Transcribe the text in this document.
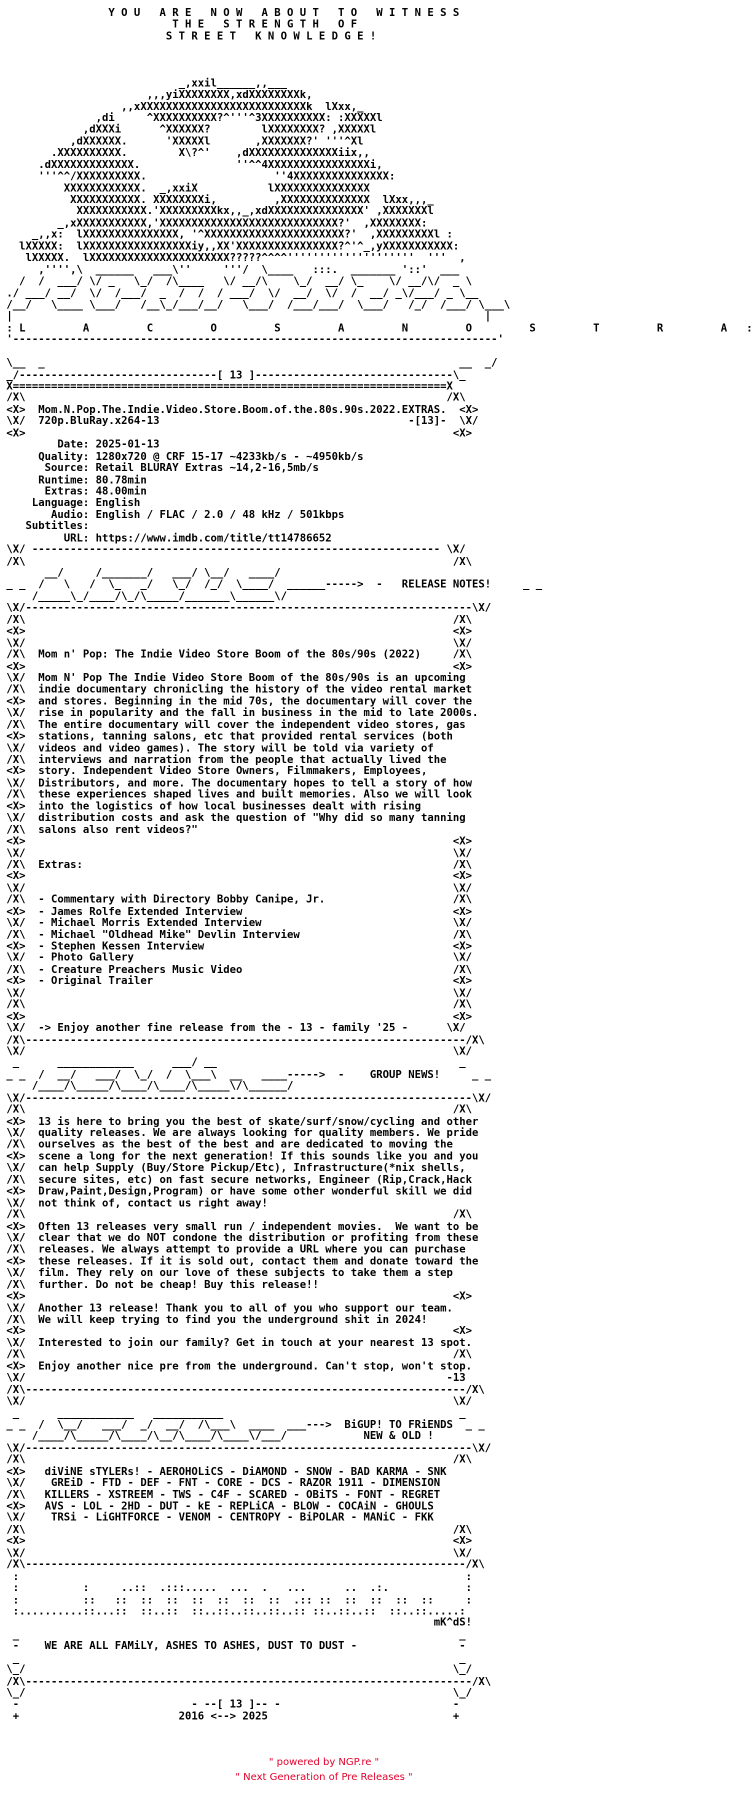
Y O U   A R E   N O W   A B O U T   T O   W I T N E S S
T H E   S T R E N G T H   O F
S T R E E T   K N O W L E D G E !

_,xxil______,,___
,,,yiXXXXXXXX,xdXXXXXXXXk,
,,xXXXXXXXXXXXXXXXXXXXXXXXXXXk  lXxx,_
,di     ^XXXXXXXXXX?^'''^3XXXXXXXXXX: :XXXXXl
,dXXXi      ^XXXXXX?        lXXXXXXXX? ,XXXXXl
,dXXXXXX.      'XXXXXl       ,XXXXXXX?' '''^Xl
.XXXXXXXXXX.        X\?^'    ,dXXXXXXXXXXXXXXiix,,
.dXXXXXXXXXXXXX.               ''^^4XXXXXXXXXXXXXXXXi,
'''^^/XXXXXXXXXX.                    ''4XXXXXXXXXXXXXXX:
XXXXXXXXXXXX.  _,xxiX           lXXXXXXXXXXXXXXX
XXXXXXXXXXX. XXXXXXXXi,         ,XXXXXXXXXXXXXX  lXxx,,,_
XXXXXXXXXXX.'XXXXXXXXXkx,,_,xdXXXXXXXXXXXXXXX' ,XXXXXXXl
_,xXXXXXXXXXXX,'XXXXXXXXXXXXXXXXXXXXXXXXXXXX?'  ,XXXXXXXX:
_,,x:  lXXXXXXXXXXXXXXX, '^XXXXXXXXXXXXXXXXXXXXXX?'  ,XXXXXXXXXl :
lXXXXX:  lXXXXXXXXXXXXXXXXXiy,,XX'XXXXXXXXXXXXXXXX?^'^_,yXXXXXXXXXXX:
lXXXXX.  lXXXXXXXXXXXXXXXXXXXXXX?????^^^^''''''''''''''''''''  '''  ,
,'''',\  ______   ___\''     '''/  \____   :::.  _______ '::'  ___
/  /  ___/ \/ _   \_/  /\____   \/ __/\    \_/  __/ \_    \/ __/\/  _ \
./ ___/ __/  \/  /___/  _  /  /  / ___/  \/  __/  \/  /  __/ _\/___/ _ \__
/__/   \____ \___/   /__\_/___/__/   \___/  /___/___/  \___/   /_/  /___/ \___\
|                                                                          |
: L         A         C         O         S         A         N         O         S         T         R         A   :
'----------------------------------------------------------------------------'

\__  _                                                                 __  _/
_/-------------------------------[ 13 ]-------------------------------\_
X====================================================================X
/X\                                                                  /X\
<X>  Mom.N.Pop.The.Indie.Video.Store.Boom.of.the.80s.90s.2022.EXTRAS.  <X>
\X/  720p.BluRay.x264-13                                       -[13]-  \X/
<X>                                                                   <X>
Date: 2025-01-13
Quality: 1280x720 @ CRF 15-17 ~4233kb/s - ~4950kb/s
Source: Retail BLURAY Extras ~14,2-16,5mb/s
Runtime: 80.78min
Extras: 48.00min
Language: English
Audio: English / FLAC / 2.0 / 48 kHz / 501kbps
Subtitles:
URL: https://www.imdb.com/title/tt14786652
\X/ ---------------------------------------------------------------- \X/
/X\                                                                   /X\
__/     /_______/   ___/ \__/   ____/
_ _  /   \   /  \_   _/   \_/  /_/  \____/  ______----->  -   RELEASE NOTES!     _ _
/_____\_/____/\_/\_____/_______\______\/
\X/----------------------------------------------------------------------\X/
/X\                                                                   /X\
<X>                                                                   <X>
\X/                                                                   \X/
/X\  Mom n' Pop: The Indie Video Store Boom of the 80s/90s (2022)     /X\
<X>                                                                   <X>
\X/  Mom N' Pop The Indie Video Store Boom of the 80s/90s is an upcoming
/X\  indie documentary chronicling the history of the video rental market
<X>  and stores. Beginning in the mid 70s, the documentary will cover the
\X/  rise in popularity and the fall in business in the mid to late 2000s.
/X\  The entire documentary will cover the independent video stores, gas
<X>  stations, tanning salons, etc that provided rental services (both
\X/  videos and video games). The story will be told via variety of
/X\  interviews and narration from the people that actually lived the
<X>  story. Independent Video Store Owners, Filmmakers, Employees,
\X/  Distributors, and more. The documentary hopes to tell a story of how
/X\  these experiences shaped lives and built memories. Also we will look
<X>  into the logistics of how local businesses dealt with rising
\X/  distribution costs and ask the question of "Why did so many tanning
/X\  salons also rent videos?"
<X>                                                                   <X>
\X/                                                                   \X/
/X\  Extras:                                                          /X\
<X>                                                                   <X>
\X/                                                                   \X/
/X\  - Commentary with Directory Bobby Canipe, Jr.                    /X\
<X>  - James Rolfe Extended Interview                                 <X>
\X/  - Michael Morris Extended Interview                              \X/
/X\  - Michael "Oldhead Mike" Devlin Interview                        /X\
<X>  - Stephen Kessen Interview                                       <X>
\X/  - Photo Gallery                                                  \X/
/X\  - Creature Preachers Music Video                                 /X\
<X>  - Original Trailer                                               <X>
\X/                                                                   \X/
/X\                                                                   /X\
<X>                                                                   <X>
\X/  -> Enjoy another fine release from the - 13 - family '25 -      \X/
/X\---------------------------------------------------------------------/X\
\X/                                                                   \X/
_      ____________      ___/ __                                      _
_ _  /  __/   ___/  \_/  /  \___\  __   ____----->  -    GROUP NEWS!     _ _
/____/\_____/\____/\____/\_____\/\______/
\X/----------------------------------------------------------------------\X/
/X\                                                                   /X\
<X>  13 is here to bring you the best of skate/surf/snow/cycling and other
\X/  quality releases. We are always looking for quality members. We pride
/X\  ourselves as the best of the best and are dedicated to moving the
<X>  scene a long for the next generation! If this sounds like you and you
\X/  can help Supply (Buy/Store Pickup/Etc), Infrastructure(*nix shells,
/X\  secure sites, etc) on fast secure networks, Engineer (Rip,Crack,Hack
<X>  Draw,Paint,Design,Program) or have some other wonderful skill we did
\X/  not think of, contact us right away!
/X\                                                                   /X\
<X>  Often 13 releases very small run / independent movies.  We want to be
\X/  clear that we do NOT condone the distribution or profiting from these
/X\  releases. We always attempt to provide a URL where you can purchase
<X>  these releases. If it is sold out, contact them and donate toward the
\X/  film. They rely on our love of these subjects to take them a step
/X\  further. Do not be cheap! Buy this release!!
<X>                                                                   <X>
\X/  Another 13 release! Thank you to all of you who support our team.
/X\  We will keep trying to find you the underground shit in 2024!
<X>                                                                   <X>
\X/  Interested to join our family? Get in touch at your nearest 13 spot.
/X\                                                                   /X\
<X>  Enjoy another nice pre from the underground. Can't stop, won't stop.
\X/                                                                  -13
/X\---------------------------------------------------------------------/X\
\X/                                                                   \X/
_      ____________   ___________                                     _
_ _  /  \__/   ___/  _/  __/  /\___\  ____  ___--->  BiGUP! TO FRiENDS  _ _
/____/\_____/\____/\__/\____/\____\/___/            NEW & OLD !
\X/----------------------------------------------------------------------\X/
/X\                                                                   /X\
<X>   diViNE sTYLERs! - AEROHOLiCS - DiAMOND - SNOW - BAD KARMA - SNK
\X/    GREiD - FTD - DEF - FNT - CORE - DCS - RAZOR 1911 - DIMENSION
/X\   KILLERS - XSTREEM - TWS - C4F - SCARED - OBiTS - FONT - REGRET
<X>   AVS - LOL - 2HD - DUT - kE - REPLiCA - BLOW - COCAiN - GHOULS
\X/    TRSi - LiGHTFORCE - VENOM - CENTROPY - BiPOLAR - MANiC - FKK
/X\                                                                   /X\
<X>                                                                   <X>
\X/                                                                   \X/
/X\---------------------------------------------------------------------/X\
:                                                                      :
:          :     ..::  .:::.....  ...  .   ...      ..  .:.            :
:          ::   ::  ::  ::  ::  ::  ::  ::  .:: ::  ::  ::  ::  ::     :
:..........::...::  ::..::  ::..::..::..::..:: ::..::..::  ::..::.....:
mK^dS!
_                                                                     _
-    WE ARE ALL FAMiLY, ASHES TO ASHES, DUST TO DUST -                -
_                                                                     _
\_/                                                                   \_/
/X\----------------------------------------------------------------------/X\
\_/                                                                   \_/
-                           - --[ 13 ]-- -                           -
+                         2016 <--> 2025                             +

" powered by NGP.re "
" Next Generation of Pre Releases "
